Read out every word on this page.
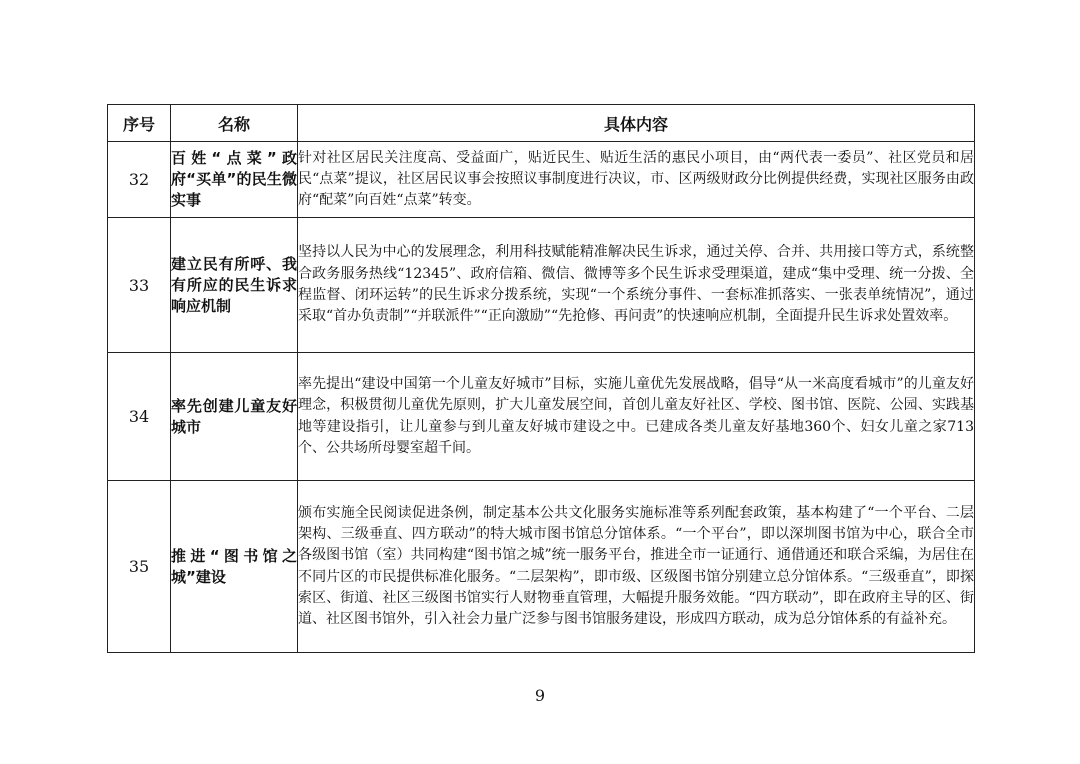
序号	名称	具体内容
32	百姓“点菜”政府“买单”的民生微实事	针对社区居民关注度高、受益面广，贴近民生、贴近生活的惠民小项目，由“两代表一委员”、社区党员和居民“点菜”提议，社区居民议事会按照议事制度进行决议，市、区两级财政分比例提供经费，实现社区服务由政府“配菜”向百姓“点菜”转变。
33	建立民有所呼、我有所应的民生诉求响应机制	坚持以人民为中心的发展理念，利用科技赋能精准解决民生诉求，通过关停、合并、共用接口等方式，系统整合政务服务热线“12345”、政府信箱、微信、微博等多个民生诉求受理渠道，建成“集中受理、统一分拨、全程监督、闭环运转”的民生诉求分拨系统，实现“一个系统分事件、一套标准抓落实、一张表单统情况”，通过采取“首办负责制”“并联派件”“正向激励”“先抢修、再问责”的快速响应机制，全面提升民生诉求处置效率。
34	率先创建儿童友好城市	率先提出“建设中国第一个儿童友好城市”目标，实施儿童优先发展战略，倡导“从一米高度看城市”的儿童友好理念，积极贯彻儿童优先原则，扩大儿童发展空间，首创儿童友好社区、学校、图书馆、医院、公园、实践基地等建设指引，让儿童参与到儿童友好城市建设之中。已建成各类儿童友好基地360个、妇女儿童之家713个、公共场所母婴室超千间。
35	推进“图书馆之城”建设	颁布实施全民阅读促进条例，制定基本公共文化服务实施标准等系列配套政策，基本构建了“一个平台、二层架构、三级垂直、四方联动”的特大城市图书馆总分馆体系。“一个平台”，即以深圳图书馆为中心，联合全市各级图书馆（室）共同构建“图书馆之城”统一服务平台，推进全市一证通行、通借通还和联合采编，为居住在不同片区的市民提供标准化服务。“二层架构”，即市级、区级图书馆分别建立总分馆体系。“三级垂直”，即探索区、街道、社区三级图书馆实行人财物垂直管理，大幅提升服务效能。“四方联动”，即在政府主导的区、街道、社区图书馆外，引入社会力量广泛参与图书馆服务建设，形成四方联动，成为总分馆体系的有益补充。
9
